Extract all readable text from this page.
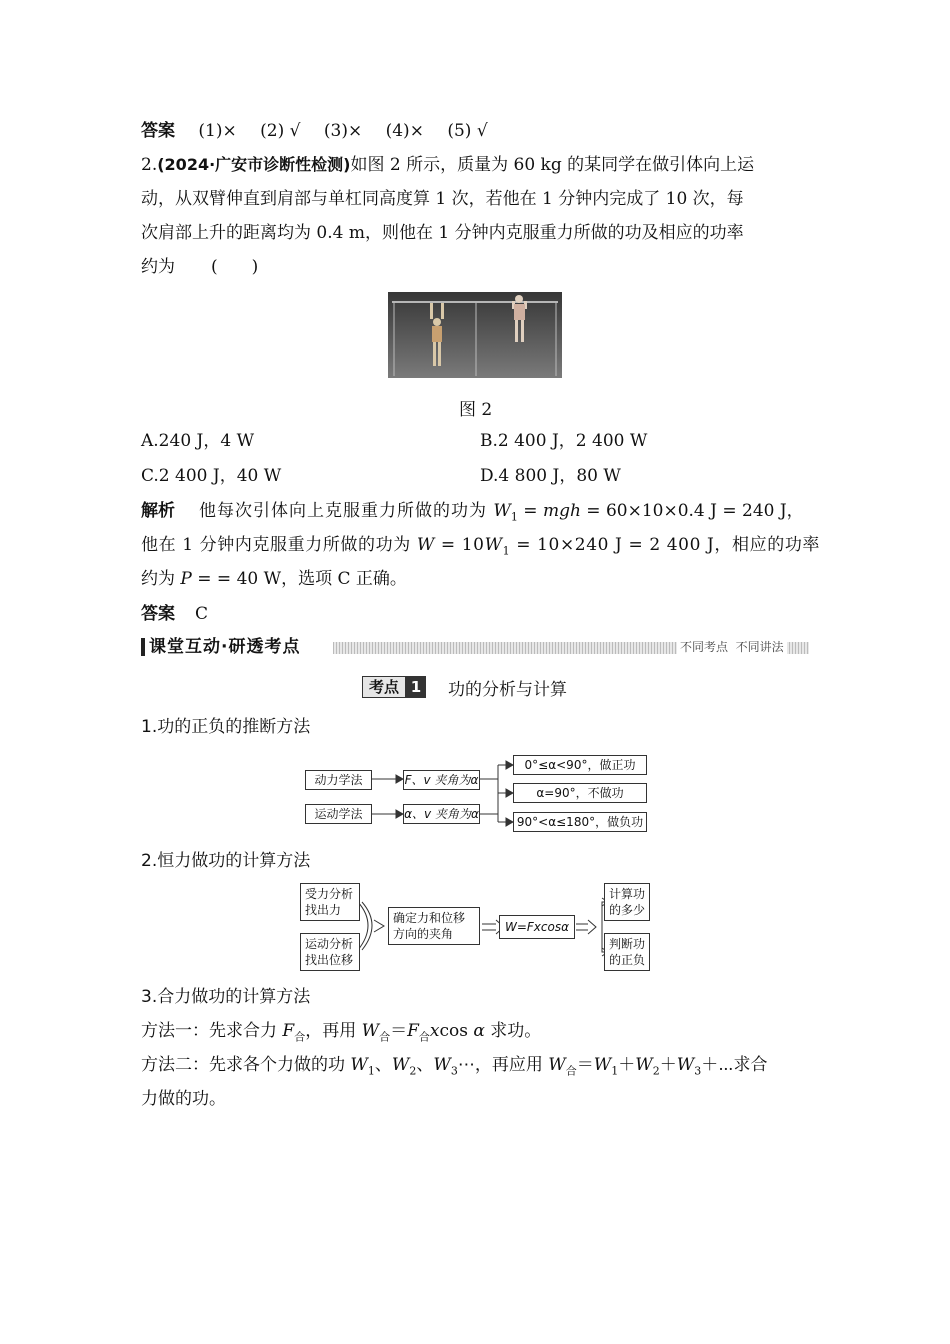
答案 (1)× (2) √ (3)× (4)× (5) √
2.(2024·广安市诊断性检测)如图 2 所示，质量为 60 kg 的某同学在做引体向上运
动，从双臂伸直到肩部与单杠同高度算 1 次，若他在 1 分钟内完成了 10 次，每
次肩部上升的距离均为 0.4 m，则他在 1 分钟内克服重力所做的功及相应的功率
约为 (　　)
图 2
A.240 J，4 W	B.2 400 J，2 400 W
C.2 400 J，40 W	D.4 800 J，80 W
解析 他每次引体向上克服重力所做的功为 $W_1$ = mgh = 60×10×0.4 J = 240 J，
他在 1 分钟内克服重力所做的功为 $W = 10W_1 = 10\times 240$ J = 2 400 J，相应的功率
约为 P = = 40 W，选项 C 正确。
答案 C
课堂互动·研透考点	不同考点 不同讲法
考点 1 功的分析与计算
1.功的正负的推断方法
动力学法
运动学法
F、v 夹角为α
α、v 夹角为α
0°≤α<90°，做正功
α=90°，不做功
90°<α≤180°，做负功
2.恒力做功的计算方法
受力分析
找出力
运动分析
找出位移
确定力和位移
方向的夹角	W=Fxcosα
计算功
的多少
判断功
的正负
3.合力做功的计算方法
方法一：先求合力 $F_合$，再用 $W_合=F_合xcos$ α 求功。
方法二：先求各个力做的功 $W_1$、$W_2$、$W_3\cdots$，再应用 $W_合=W_1+W_2+W_3+\cdots$求合
力做的功。
